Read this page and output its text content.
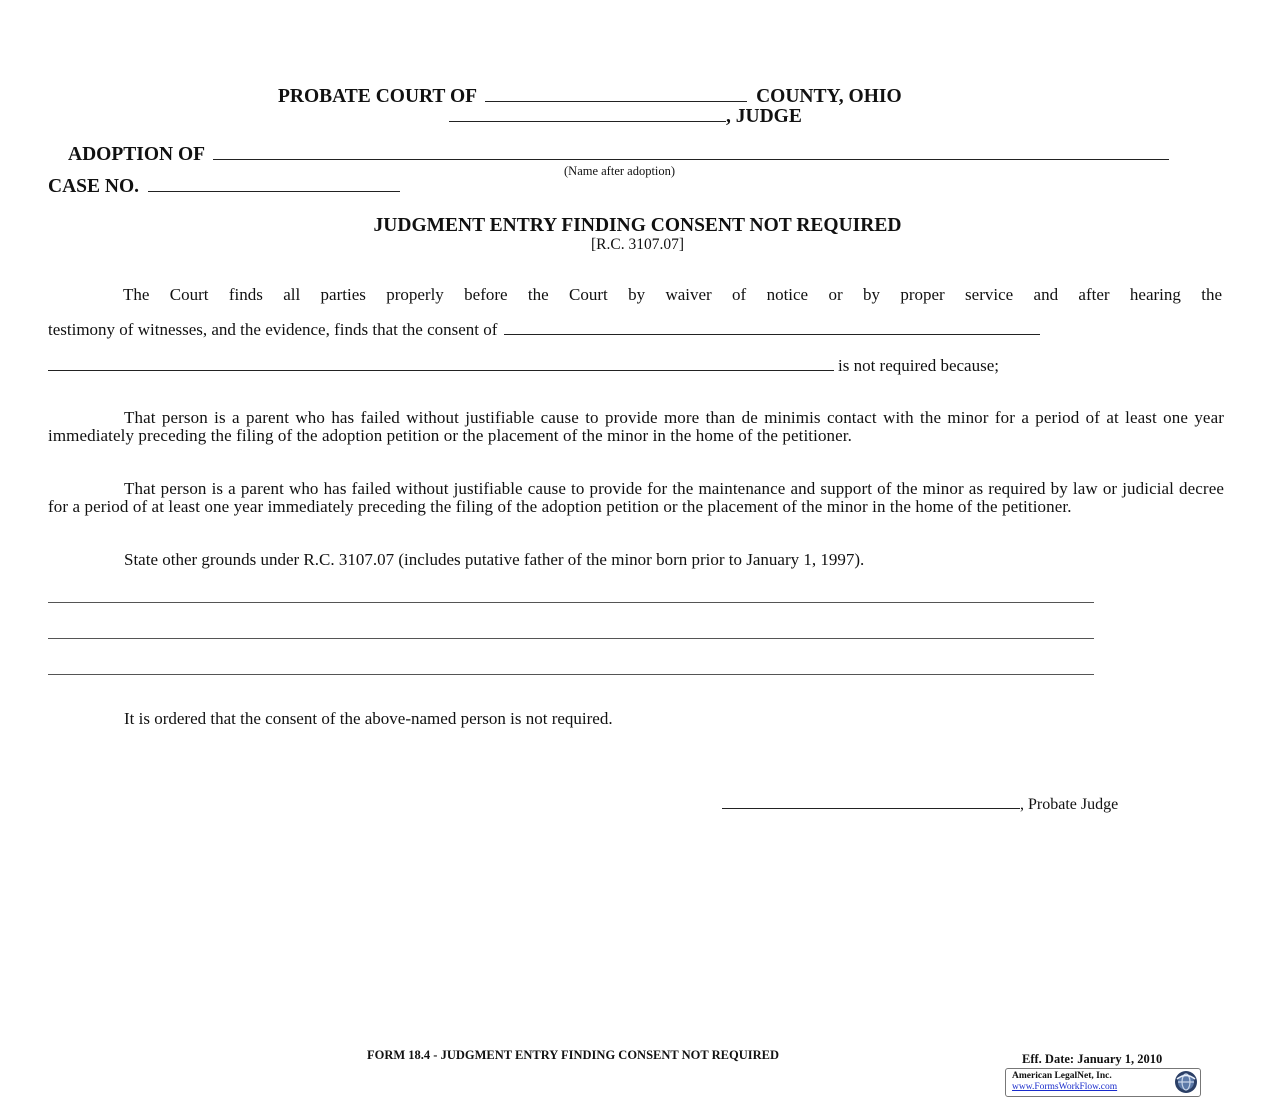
PROBATE COURT OF	COUNTY, OHIO
, JUDGE
ADOPTION OF
(Name after adoption)
CASE NO.
JUDGMENT ENTRY FINDING CONSENT NOT REQUIRED
[R.C. 3107.07]
The Court finds all parties properly before the Court by waiver of notice or by proper service and after hearing the
testimony of witnesses, and the evidence, finds that the consent of
is not required because;
That person is a parent who has failed without justifiable cause to provide more than de minimis contact with the minor for a period of at least one year immediately preceding the filing of the adoption petition or the placement of the minor in the home of the petitioner.
That person is a parent who has failed without justifiable cause to provide for the maintenance and support of the minor as required by law or judicial decree for a period of at least one year immediately preceding the filing of the adoption petition or the placement of the minor in the home of the petitioner.
State other grounds under R.C. 3107.07 (includes putative father of the minor born prior to January 1, 1997).
It is ordered that the consent of the above-named person is not required.
, Probate Judge
FORM 18.4 - JUDGMENT ENTRY FINDING CONSENT NOT REQUIRED	Eff. Date: January 1, 2010
American LegalNet, Inc.
www.FormsWorkFlow.com
